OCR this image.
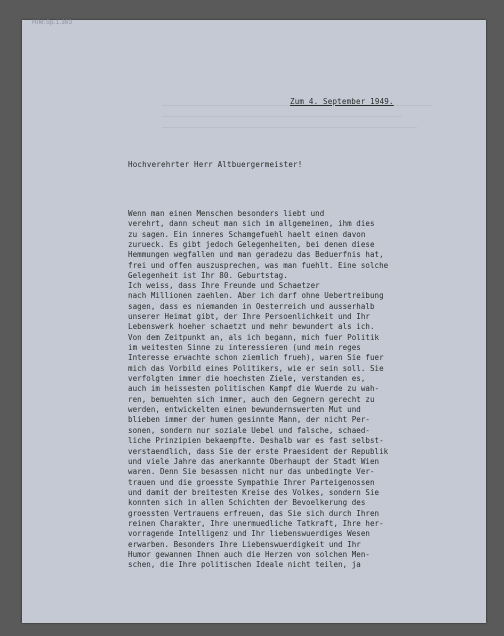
HIM.Sp.1.363
Zum 4. September 1949.
Hochverehrter Herr Altbuergermeister!
Wenn man einen Menschen besonders liebt und
verehrt, dann scheut man sich im allgemeinen, ihm dies
zu sagen. Ein inneres Schamgefuehl haelt einen davon
zurueck. Es gibt jedoch Gelegenheiten, bei denen diese
Hemmungen wegfallen und man geradezu das Beduerfnis hat,
frei und offen auszusprechen, was man fuehlt. Eine solche
Gelegenheit ist Ihr 80. Geburtstag.
Ich weiss, dass Ihre Freunde und Schaetzer
nach Millionen zaehlen. Aber ich darf ohne Uebertreibung
sagen, dass es niemanden in Oesterreich und ausserhalb
unserer Heimat gibt, der Ihre Persoenlichkeit und Ihr
Lebenswerk hoeher schaetzt und mehr bewundert als ich.
Von dem Zeitpunkt an, als ich begann, mich fuer Politik
im weitesten Sinne zu interessieren (und mein reges
Interesse erwachte schon ziemlich frueh), waren Sie fuer
mich das Vorbild eines Politikers, wie er sein soll. Sie
verfolgten immer die hoechsten Ziele, verstanden es,
auch im heissesten politischen Kampf die Wuerde zu wah-
ren, bemuehten sich immer, auch den Gegnern gerecht zu
werden, entwickelten einen bewundernswerten Mut und
blieben immer der humen gesinnte Mann, der nicht Per-
sonen, sondern nur soziale Uebel und falsche, schaed-
liche Prinzipien bekaempfte. Deshalb war es fast selbst-
verstaendlich, dass Sie der erste Praesident der Republik
und viele Jahre das anerkannte Oberhaupt der Stadt Wien
waren. Denn Sie besassen nicht nur das unbedingte Ver-
trauen und die groesste Sympathie Ihrer Parteigenossen
und damit der breitesten Kreise des Volkes, sondern Sie
konnten sich in allen Schichten der Bevoelkerung des
groessten Vertrauens erfreuen, das Sie sich durch Ihren
reinen Charakter, Ihre unermuedliche Tatkraft, Ihre her-
vorragende Intelligenz und Ihr liebenswuerdiges Wesen
erwarben. Besonders Ihre Liebenswuerdigkeit und Ihr
Humor gewannen Ihnen auch die Herzen von solchen Men-
schen, die Ihre politischen Ideale nicht teilen, ja
